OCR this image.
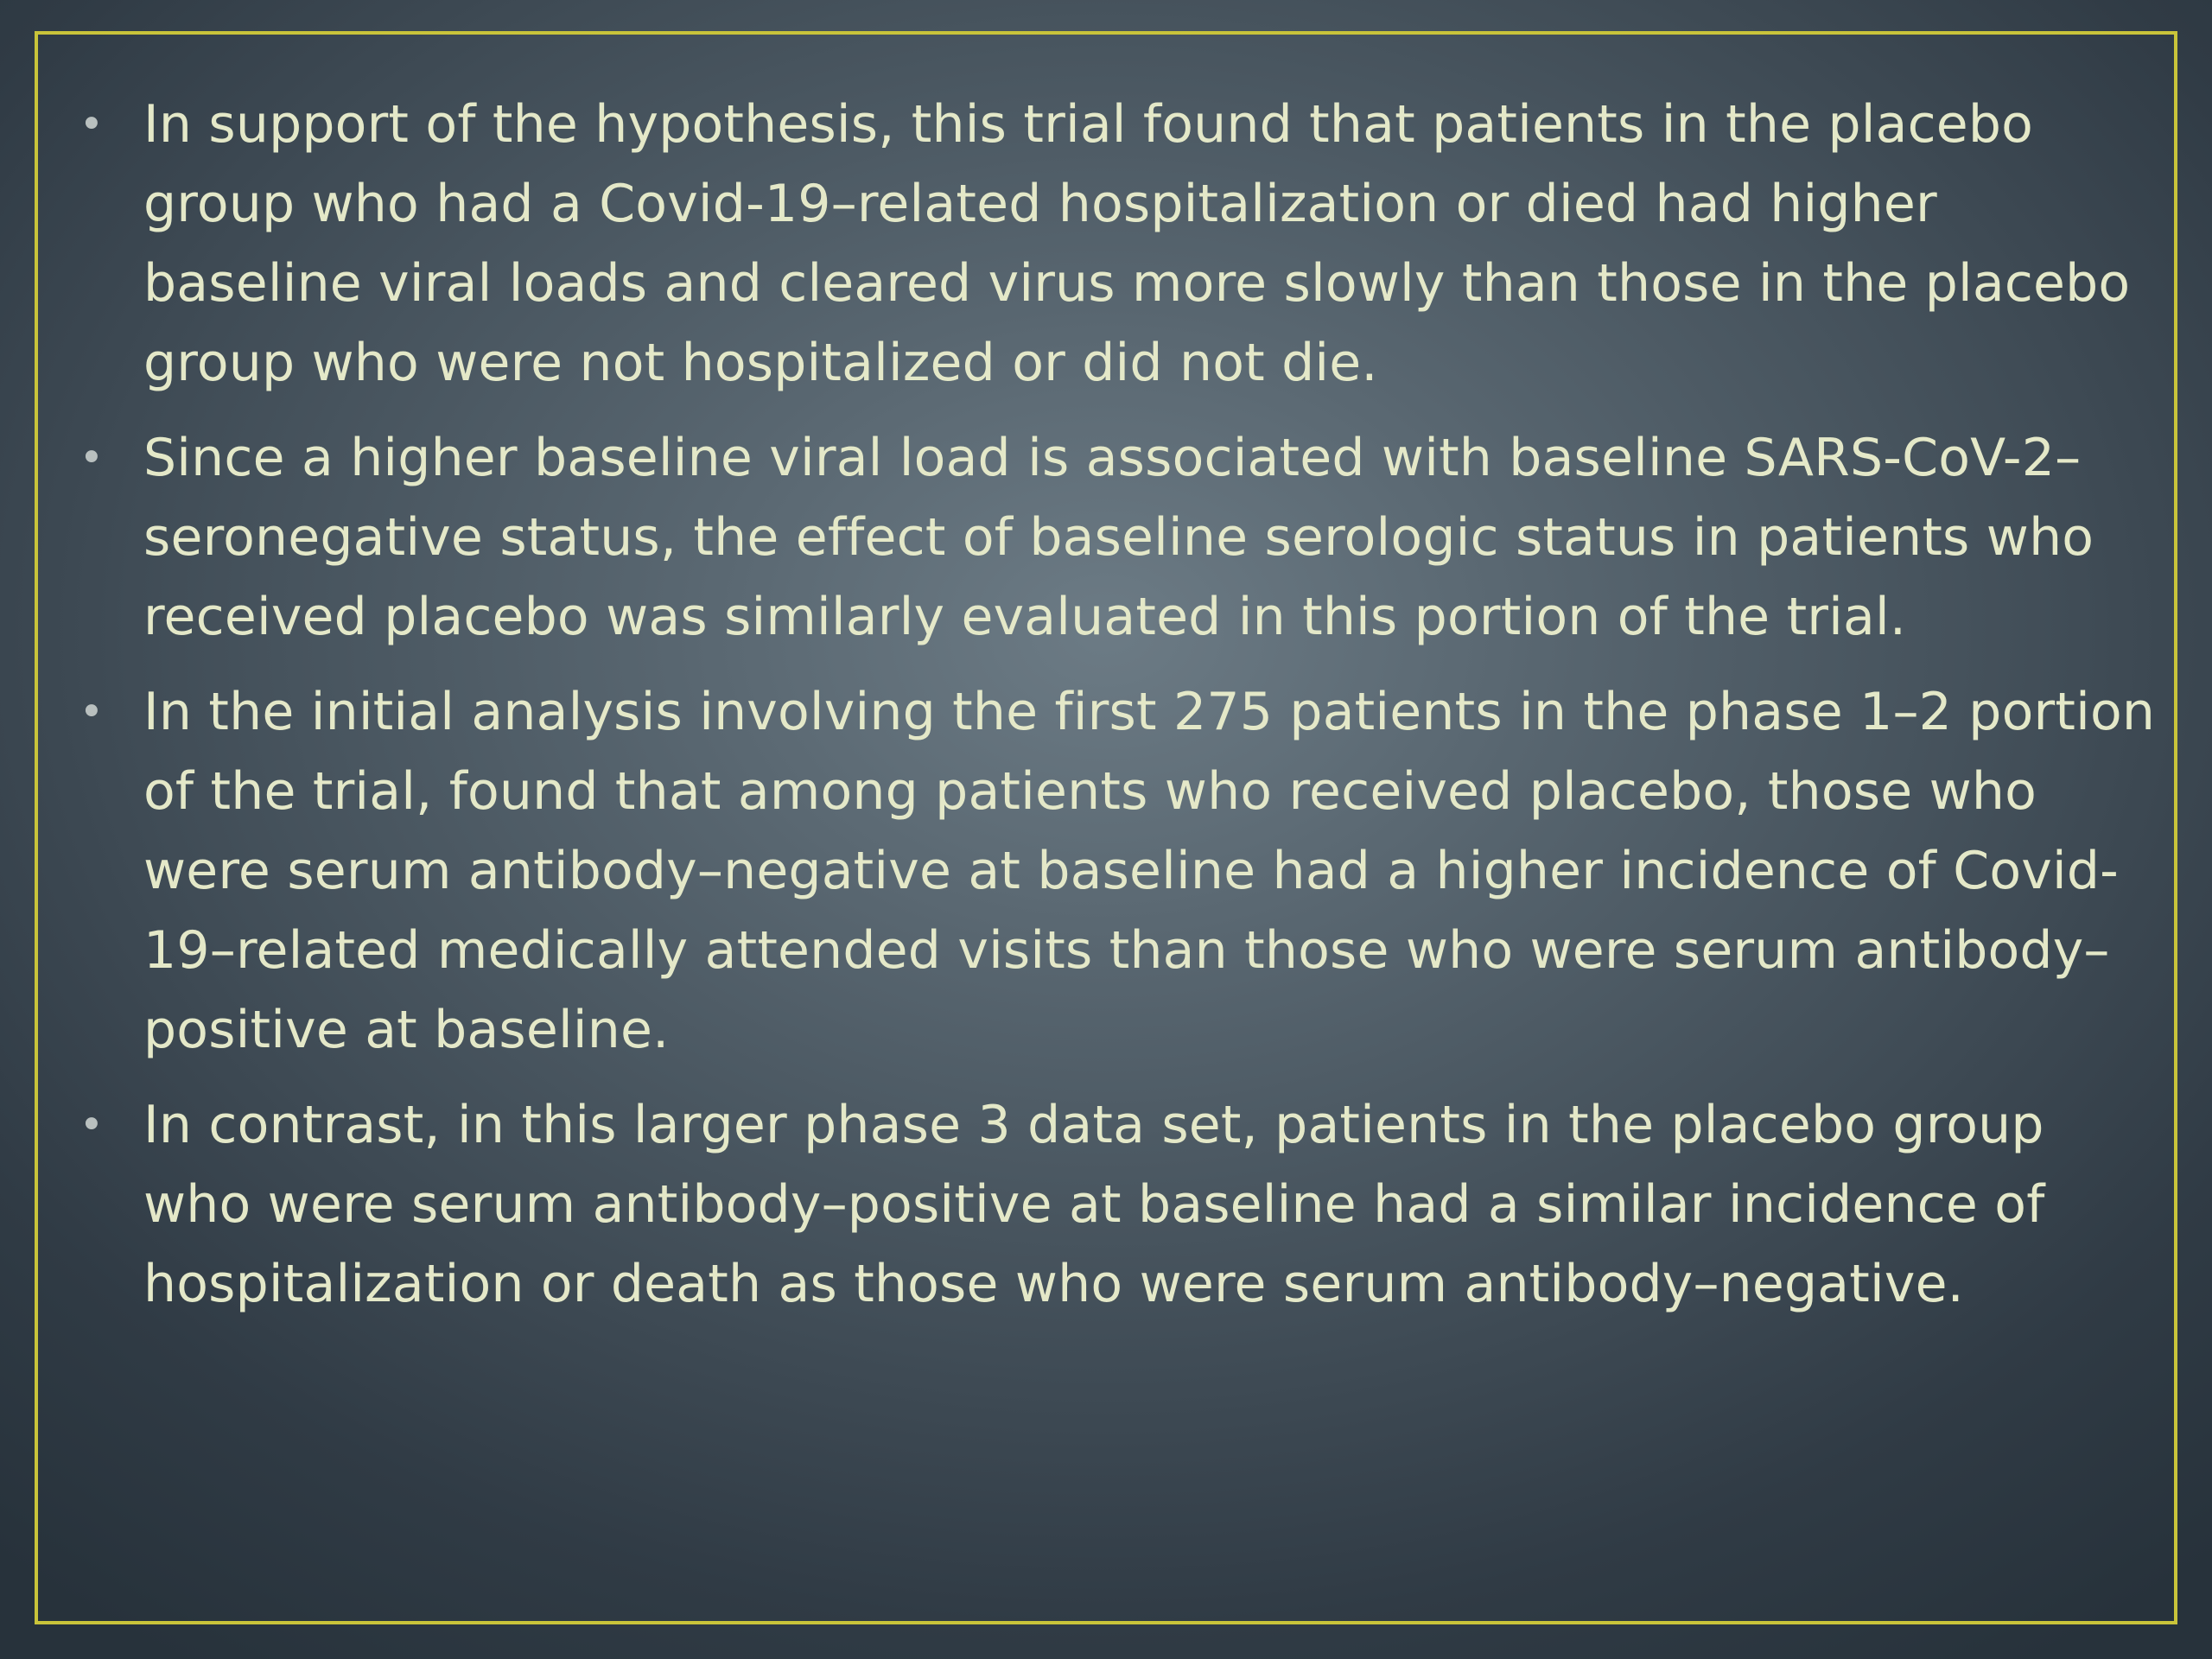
• In support of the hypothesis, this trial found that patients in the placebo group who had a Covid-19–related hospitalization or died had higher baseline viral loads and cleared virus more slowly than those in the placebo group who were not hospitalized or did not die.
• Since a higher baseline viral load is associated with baseline SARS-CoV-2–seronegative status, the effect of baseline serologic status in patients who received placebo was similarly evaluated in this portion of the trial.
• In the initial analysis involving the first 275 patients in the phase 1–2 portion of the trial, found that among patients who received placebo, those who were serum antibody–negative at baseline had a higher incidence of Covid-19–related medically attended visits than those who were serum antibody–positive at baseline.
• In contrast, in this larger phase 3 data set, patients in the placebo group who were serum antibody–positive at baseline had a similar incidence of hospitalization or death as those who were serum antibody–negative.
